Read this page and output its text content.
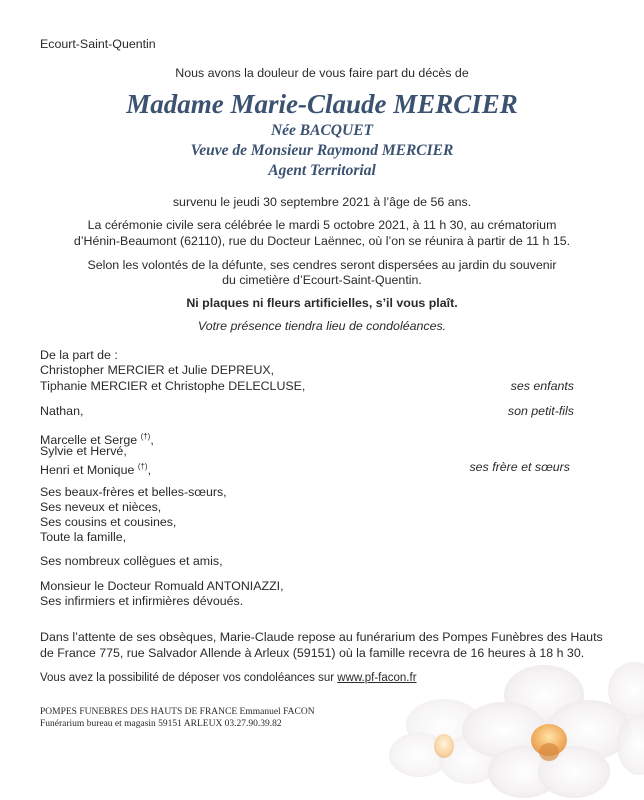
Ecourt-Saint-Quentin
Nous avons la douleur de vous faire part du décès de
Madame Marie-Claude MERCIER
Née BACQUET
Veuve de Monsieur Raymond MERCIER
Agent Territorial
survenu le jeudi 30 septembre 2021 à l’âge de 56 ans.
La cérémonie civile sera célébrée le mardi 5 octobre 2021, à 11 h 30, au crématorium
d’Hénin-Beaumont (62110), rue du Docteur Laënnec, où l’on se réunira à partir de 11 h 15.
Selon les volontés de la défunte, ses cendres seront dispersées au jardin du souvenir
du cimetière d’Ecourt-Saint-Quentin.
Ni plaques ni fleurs artificielles, s’il vous plaît.
Votre présence tiendra lieu de condoléances.
De la part de :
Christopher MERCIER et Julie DEPREUX,
Tiphanie MERCIER et Christophe DELECLUSE,	ses enfants
Nathan,	son petit-fils
Marcelle et Serge (†),
Sylvie et Hervé,
Henri et Monique (†),	ses frère et sœurs
Ses beaux-frères et belles-sœurs,
Ses neveux et nièces,
Ses cousins et cousines,
Toute la famille,
Ses nombreux collègues et amis,
Monsieur le Docteur Romuald ANTONIAZZI,
Ses infirmiers et infirmières dévoués.
Dans l’attente de ses obsèques, Marie-Claude repose au funérarium des Pompes Funèbres des Hauts
de France 775, rue Salvador Allende à Arleux (59151) où la famille recevra de 16 heures à 18 h 30.
Vous avez la possibilité de déposer vos condoléances sur www.pf-facon.fr
POMPES FUNEBRES DES HAUTS DE FRANCE Emmanuel FACON
Funérarium bureau et magasin 59151 ARLEUX 03.27.90.39.82
